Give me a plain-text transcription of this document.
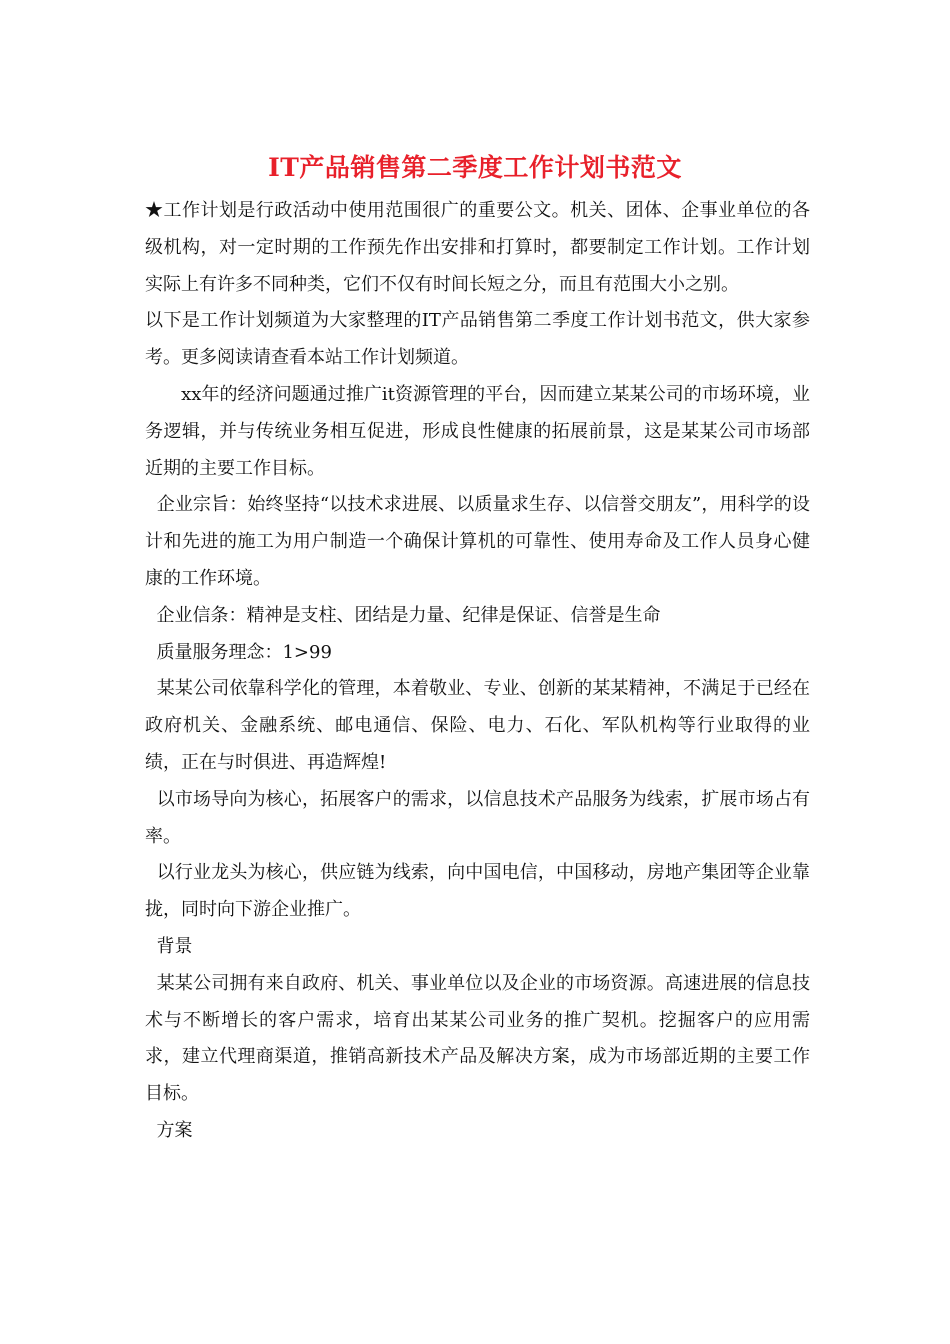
IT产品销售第二季度工作计划书范文

★工作计划是行政活动中使用范围很广的重要公文。机关、团体、企事业单位的各级机构，对一定时期的工作预先作出安排和打算时，都要制定工作计划。工作计划实际上有许多不同种类，它们不仅有时间长短之分，而且有范围大小之别。

以下是工作计划频道为大家整理的IT产品销售第二季度工作计划书范文，供大家参考。更多阅读请查看本站工作计划频道。

　　xx年的经济问题通过推广it资源管理的平台，因而建立某某公司的市场环境，业务逻辑，并与传统业务相互促进，形成良性健康的拓展前景，这是某某公司市场部近期的主要工作目标。

企业宗旨：始终坚持“以技术求进展、以质量求生存、以信誉交朋友”，用科学的设计和先进的施工为用户制造一个确保计算机的可靠性、使用寿命及工作人员身心健康的工作环境。

企业信条：精神是支柱、团结是力量、纪律是保证、信誉是生命

质量服务理念：1>99

某某公司依靠科学化的管理，本着敬业、专业、创新的某某精神，不满足于已经在政府机关、金融系统、邮电通信、保险、电力、石化、军队机构等行业取得的业绩，正在与时俱进、再造辉煌!

以市场导向为核心，拓展客户的需求，以信息技术产品服务为线索，扩展市场占有率。

以行业龙头为核心，供应链为线索，向中国电信，中国移动，房地产集团等企业靠拢，同时向下游企业推广。

背景

某某公司拥有来自政府、机关、事业单位以及企业的市场资源。高速进展的信息技术与不断增长的客户需求，培育出某某公司业务的推广契机。挖掘客户的应用需求，建立代理商渠道，推销高新技术产品及解决方案，成为市场部近期的主要工作目标。

方案
